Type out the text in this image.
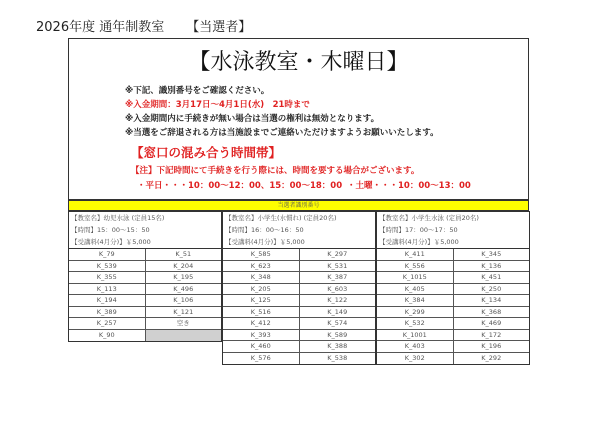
2026年度 通年制教室 【当選者】
【水泳教室・木曜日】
※下記、識別番号をご確認ください。
※入金期間：3月17日～4月1日(水)　21時まで
※入金期間内に手続きが無い場合は当選の権利は無効となります。
※当選をご辞退される方は当施設までご連絡いただけますようお願いいたします。
【窓口の混み合う時間帯】
【注】下記時間にて手続きを行う際には、時間を要する場合がございます。
・平日・・・10：00～12：00、15：00～18：00 ・土曜・・・10：00～13：00
当選者識別番号
【教室名】幼児水泳 (定員15名)
【時間】15：00～15：50
【受講料(4月分)】￥5,000
K_79	K_51
K_539	K_204
K_355	K_195
K_113	K_496
K_194	K_106
K_389	K_121
K_257	空き
K_90
【教室名】小学生(水慣れ) (定員20名)
【時間】16：00～16：50
【受講料(4月分)】￥5,000
K_585	K_297
K_623	K_531
K_348	K_387
K_205	K_603
K_125	K_122
K_516	K_149
K_412	K_574
K_393	K_589
K_460	K_388
K_576	K_538
【教室名】小学生水泳 (定員20名)
【時間】17：00～17：50
【受講料(4月分)】￥5,000
K_411	K_345
K_556	K_136
K_1015	K_451
K_405	K_250
K_384	K_134
K_299	K_368
K_532	K_469
K_1001	K_172
K_403	K_196
K_302	K_292
